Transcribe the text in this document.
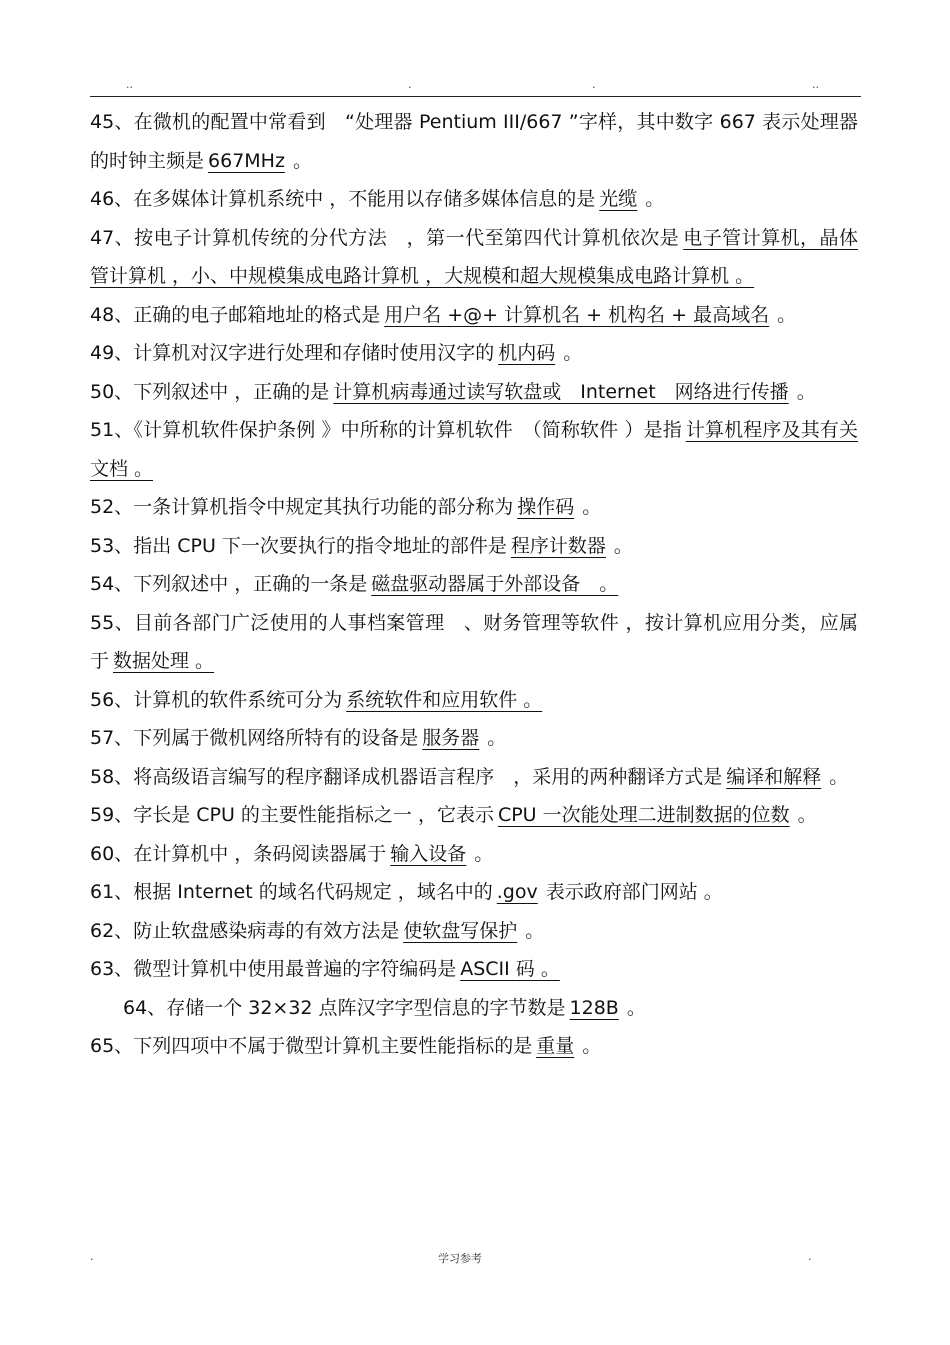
..	.	.	..

45、在微机的配置中常看到　“处理器 Pentium III/667 ”字样，其中数字 667 表示处理器的时钟主频是 667MHz 。

46、在多媒体计算机系统中 ，不能用以存储多媒体信息的是 光缆 。

47、按电子计算机传统的分代方法　，第一代至第四代计算机依次是 电子管计算机，晶体管计算机 ，小、中规模集成电路计算机 ，大规模和超大规模集成电路计算机 。

48、正确的电子邮箱地址的格式是 用户名 +@+ 计算机名 + 机构名 + 最高域名 。

49、计算机对汉字进行处理和存储时使用汉字的 机内码 。

50、下列叙述中 ，正确的是 计算机病毒通过读写软盘或　Internet　网络进行传播 。

51、《计算机软件保护条例 》中所称的计算机软件　（简称软件 ）是指 计算机程序及其有关文档 。

52、一条计算机指令中规定其执行功能的部分称为 操作码 。

53、指出 CPU 下一次要执行的指令地址的部件是 程序计数器 。

54、下列叙述中 ，正确的一条是 磁盘驱动器属于外部设备　。

55、目前各部门广泛使用的人事档案管理　、财务管理等软件 ，按计算机应用分类，应属于 数据处理 。

56、计算机的软件系统可分为 系统软件和应用软件 。

57、下列属于微机网络所特有的设备是 服务器 。

58、将高级语言编写的程序翻译成机器语言程序　，采用的两种翻译方式是 编译和解释 。

59、字长是 CPU 的主要性能指标之一 ，它表示 CPU 一次能处理二进制数据的位数 。

60、在计算机中 ，条码阅读器属于 输入设备 。

61、根据 Internet 的域名代码规定 ，域名中的 .gov 表示政府部门网站 。

62、防止软盘感染病毒的有效方法是 使软盘写保护 。

63、微型计算机中使用最普遍的字符编码是 ASCII 码 。

64、存储一个 32×32 点阵汉字字型信息的字节数是 128B 。

65、下列四项中不属于微型计算机主要性能指标的是 重量 。

.	学习参考	.
